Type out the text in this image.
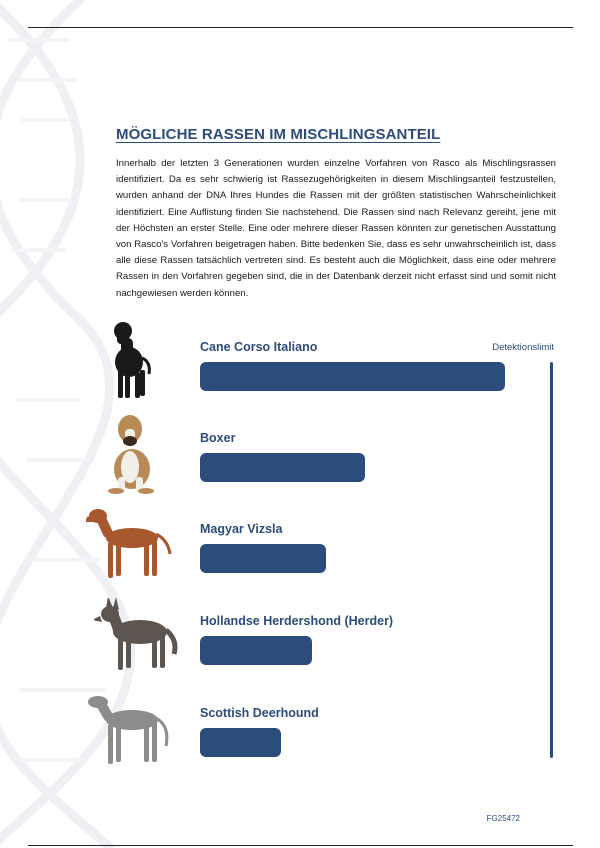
MÖGLICHE RASSEN IM MISCHLINGSANTEIL

Innerhalb der letzten 3 Generationen wurden einzelne Vorfahren von Rasco als Mischlingsrassen identifiziert. Da es sehr schwierig ist Rassezugehörigkeiten in diesem Mischlingsanteil festzustellen, wurden anhand der DNA Ihres Hundes die Rassen mit der größten statistischen Wahrscheinlichkeit identifiziert. Eine Auflistung finden Sie nachstehend. Die Rassen sind nach Relevanz gereiht, jene mit der Höchsten an erster Stelle. Eine oder mehrere dieser Rassen könnten zur genetischen Ausstattung von Rasco's Vorfahren beigetragen haben. Bitte bedenken Sie, dass es sehr unwahrscheinlich ist, dass alle diese Rassen tatsächlich vertreten sind. Es besteht auch die Möglichkeit, dass eine oder mehrere Rassen in den Vorfahren gegeben sind, die in der Datenbank derzeit nicht erfasst sind und somit nicht nachgewiesen werden können.

Detektionslimit
Cane Corso Italiano
Boxer
Magyar Vizsla
Hollandse Herdershond (Herder)
Scottish Deerhound
FG25472
